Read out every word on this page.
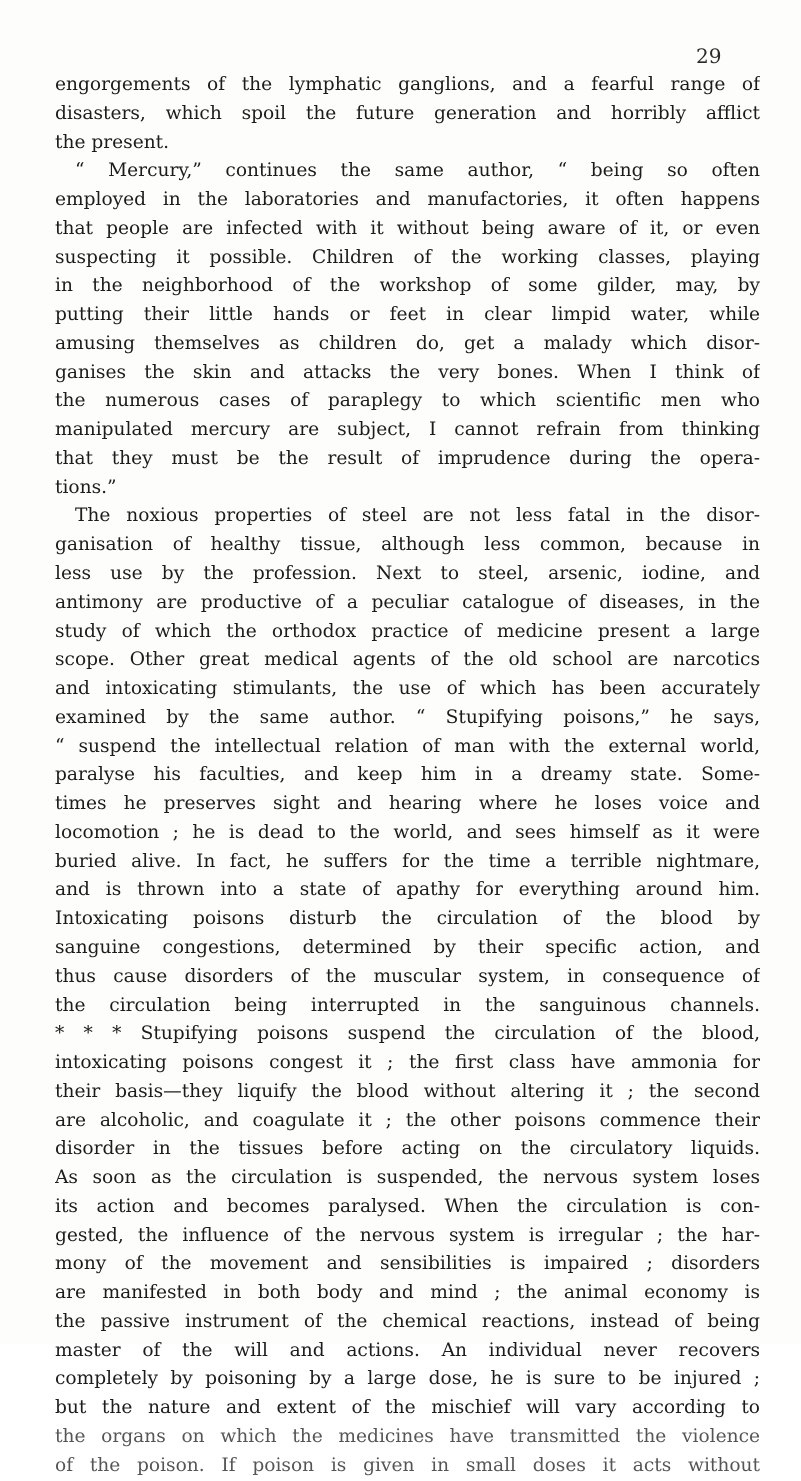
29
engorgements of the lymphatic ganglions, and a fearful range of
disasters, which spoil the future generation and horribly afflict
the present.
“ Mercury,” continues the same author, “ being so often
employed in the laboratories and manufactories, it often happens
that people are infected with it without being aware of it, or even
suspecting it possible. Children of the working classes, playing
in the neighborhood of the workshop of some gilder, may, by
putting their little hands or feet in clear limpid water, while
amusing themselves as children do, get a malady which disor-
ganises the skin and attacks the very bones. When I think of
the numerous cases of paraplegy to which scientific men who
manipulated mercury are subject, I cannot refrain from thinking
that they must be the result of imprudence during the opera-
tions.”
The noxious properties of steel are not less fatal in the disor-
ganisation of healthy tissue, although less common, because in
less use by the profession. Next to steel, arsenic, iodine, and
antimony are productive of a peculiar catalogue of diseases, in the
study of which the orthodox practice of medicine present a large
scope. Other great medical agents of the old school are narcotics
and intoxicating stimulants, the use of which has been accurately
examined by the same author. “ Stupifying poisons,” he says,
“ suspend the intellectual relation of man with the external world,
paralyse his faculties, and keep him in a dreamy state. Some-
times he preserves sight and hearing where he loses voice and
locomotion ; he is dead to the world, and sees himself as it were
buried alive. In fact, he suffers for the time a terrible nightmare,
and is thrown into a state of apathy for everything around him.
Intoxicating poisons disturb the circulation of the blood by
sanguine congestions, determined by their specific action, and
thus cause disorders of the muscular system, in consequence of
the circulation being interrupted in the sanguinous channels.
* * * Stupifying poisons suspend the circulation of the blood,
intoxicating poisons congest it ; the first class have ammonia for
their basis—they liquify the blood without altering it ; the second
are alcoholic, and coagulate it ; the other poisons commence their
disorder in the tissues before acting on the circulatory liquids.
As soon as the circulation is suspended, the nervous system loses
its action and becomes paralysed. When the circulation is con-
gested, the influence of the nervous system is irregular ; the har-
mony of the movement and sensibilities is impaired ; disorders
are manifested in both body and mind ; the animal economy is
the passive instrument of the chemical reactions, instead of being
master of the will and actions. An individual never recovers
completely by poisoning by a large dose, he is sure to be injured ;
but the nature and extent of the mischief will vary according to
the organs on which the medicines have transmitted the violence
of the poison. If poison is given in small doses it acts without
